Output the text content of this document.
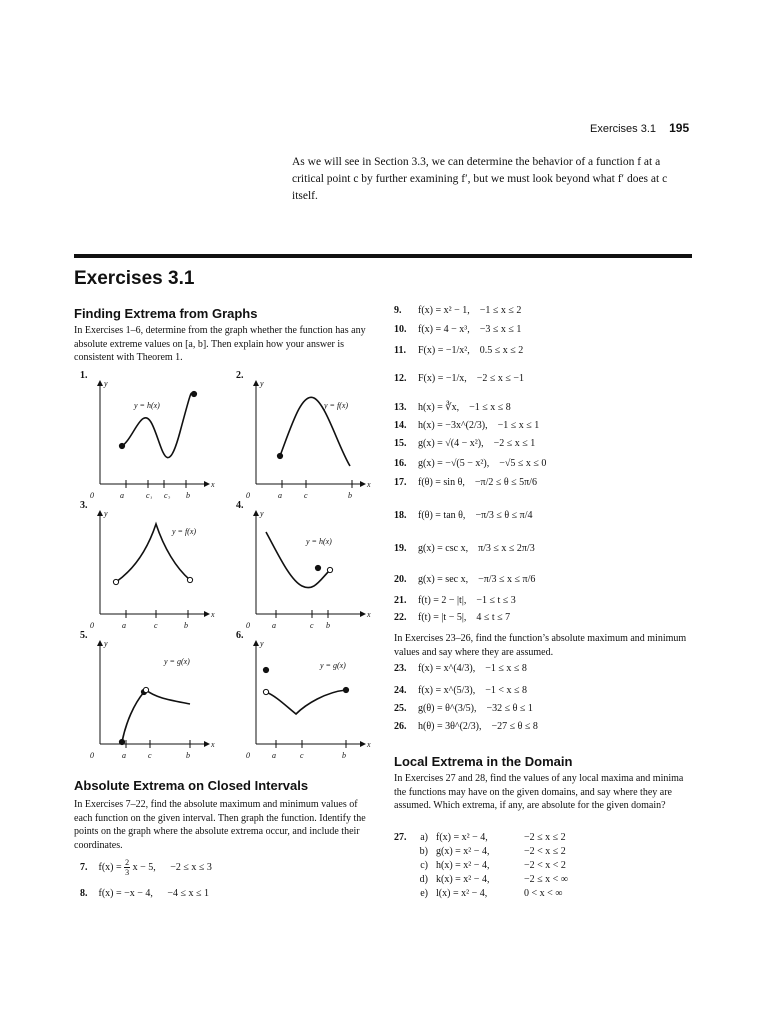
Exercises 3.1 195
As we will see in Section 3.3, we can determine the behavior of a function f at a critical point c by further examining f′, but we must look beyond what f′ does at c itself.
Exercises 3.1
Finding Extrema from Graphs
In Exercises 1–6, determine from the graph whether the function has any absolute extreme values on [a, b]. Then explain how your answer is consistent with Theorem 1.
1.
y
x
0	a	c₁ c₂ b
y = h(x)
2.
y
x
0	a	c	b
y = f(x)
3.
y
x
0	a	c	b
y = f(x)
4.
y
x
0	a	c b
y = h(x)
5.
y
x
0	a	c	b
y = g(x)
6.
y
x
0	a	c	b
y = g(x)
Absolute Extrema on Closed Intervals
In Exercises 7–22, find the absolute maximum and minimum values of each function on the given interval. Then graph the function. Identify the points on the graph where the absolute extrema occur, and include their coordinates.
7. $f(x) = \frac{2}{3}$ x − 5, −2 ≤ x ≤ 3
8. f(x) = −x − 4, −4 ≤ x ≤ 1
9. f(x) = x² − 1, −1 ≤ x ≤ 2
10. f(x) = 4 − x³, −3 ≤ x ≤ 1
11. F(x) = −1/x², 0.5 ≤ x ≤ 2
12. F(x) = −1/x, −2 ≤ x ≤ −1
13. h(x) = ∛x, −1 ≤ x ≤ 8
14. h(x) = −3x^(2/3), −1 ≤ x ≤ 1
15. g(x) = √(4 − x²), −2 ≤ x ≤ 1
16. g(x) = −√(5 − x²), −√5 ≤ x ≤ 0
17. f(θ) = sin θ, −π/2 ≤ θ ≤ 5π/6
18. f(θ) = tan θ, −π/3 ≤ θ ≤ π/4
19. g(x) = csc x, π/3 ≤ x ≤ 2π/3
20. g(x) = sec x, −π/3 ≤ x ≤ π/6
21. f(t) = 2 − |t|, −1 ≤ t ≤ 3
22. f(t) = |t − 5|, 4 ≤ t ≤ 7
In Exercises 23–26, find the function’s absolute maximum and minimum values and say where they are assumed.
23. f(x) = x^(4/3), −1 ≤ x ≤ 8
24. f(x) = x^(5/3), −1 < x ≤ 8
25. g(θ) = θ^(3/5), −32 ≤ θ ≤ 1
26. h(θ) = 3θ^(2/3), −27 ≤ θ ≤ 8
Local Extrema in the Domain
In Exercises 27 and 28, find the values of any local maxima and minima the functions may have on the given domains, and say where they are assumed. Which extrema, if any, are absolute for the given domain?
27.	a) f(x) = x² − 4,	−2 ≤ x ≤ 2
b) g(x) = x² − 4,	−2 < x ≤ 2
c) h(x) = x² − 4,	−2 < x < 2
d) k(x) = x² − 4,	−2 ≤ x < ∞
e) l(x) = x² − 4,	0 < x < ∞
